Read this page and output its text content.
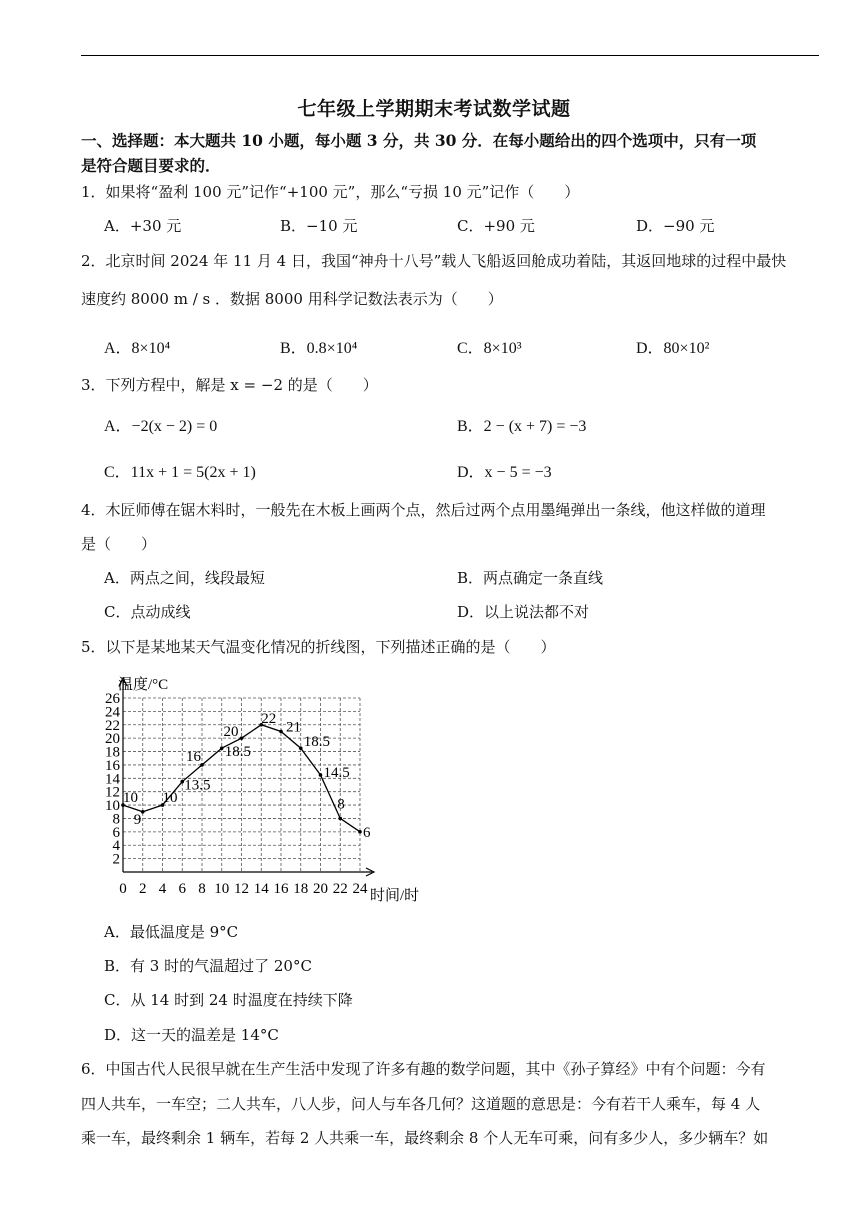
七年级上学期期末考试数学试题
一、选择题：本大题共 10 小题，每小题 3 分，共 30 分．在每小题给出的四个选项中，只有一项
是符合题目要求的．
1．如果将“盈利 100 元”记作“+100 元”，那么“亏损 10 元”记作（　　）
A．+30 元	B．−10 元	C．+90 元	D．−90 元
2．北京时间 2024 年 11 月 4 日，我国“神舟十八号”载人飞船返回舱成功着陆，其返回地球的过程中最快
速度约 8000 m / s ．数据 8000 用科学记数法表示为（　　）
A．8×10⁴	B．0.8×10⁴	C．8×10³	D．80×10²
3．下列方程中，解是 x = −2 的是（　　）
A．−2(x − 2) = 0	B．2 − (x + 7) = −3
C．11x + 1 = 5(2x + 1)	D．x − 5 = −3
4．木匠师傅在锯木料时，一般先在木板上画两个点，然后过两个点用墨绳弹出一条线，他这样做的道理
是（　　）
A．两点之间，线段最短	B．两点确定一条直线
C．点动成线	D．以上说法都不对
5．以下是某地某天气温变化情况的折线图，下列描述正确的是（　　）
2
4
6
8
10
12
14
16
18
20
22
24
26
0 2 4 6 8 10 12 14 16 18 20 22 24
10
9
10
13.5
16 18.5
20
22
21
18.5
14.5
8
6
温度/°C
时间/时
A．最低温度是 9°C
B．有 3 时的气温超过了 20°C
C．从 14 时到 24 时温度在持续下降
D．这一天的温差是 14°C
6．中国古代人民很早就在生产生活中发现了许多有趣的数学问题，其中《孙子算经》中有个问题：今有
四人共车，一车空；二人共车，八人步，问人与车各几何？这道题的意思是：今有若干人乘车，每 4 人
乘一车，最终剩余 1 辆车，若每 2 人共乘一车，最终剩余 8 个人无车可乘，问有多少人，多少辆车？如
